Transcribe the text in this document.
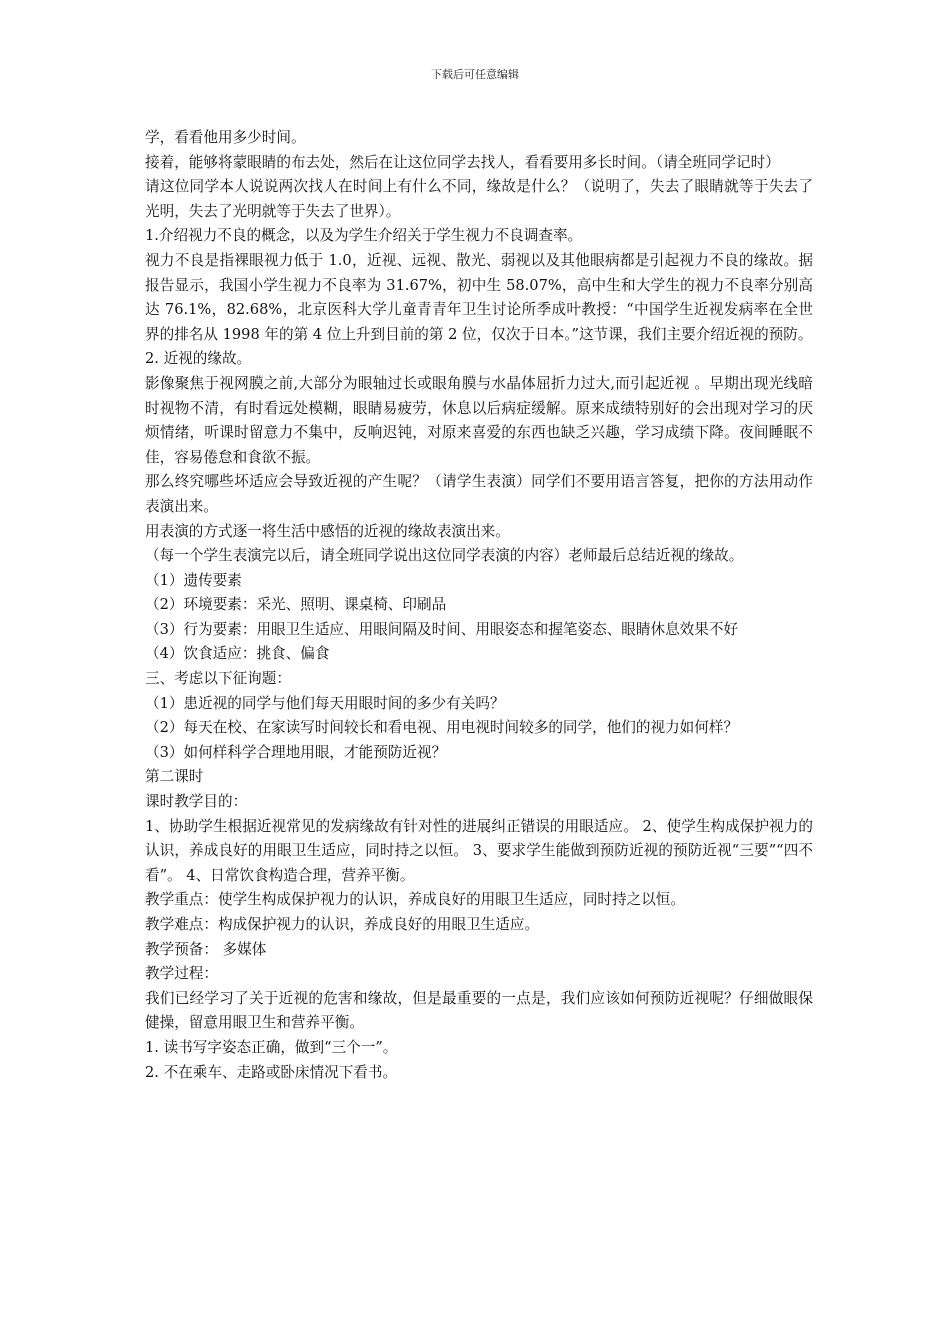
下载后可任意编辑

学，看看他用多少时间。

接着，能够将蒙眼睛的布去处，然后在让这位同学去找人，看看要用多长时间。（请全班同学记时）

请这位同学本人说说两次找人在时间上有什么不同，缘故是什么？（说明了，失去了眼睛就等于失去了光明，失去了光明就等于失去了世界）。

1.介绍视力不良的概念，以及为学生介绍关于学生视力不良调查率。

视力不良是指裸眼视力低于 1.0，近视、远视、散光、弱视以及其他眼病都是引起视力不良的缘故。据报告显示，我国小学生视力不良率为 31.67%，初中生 58.07%，高中生和大学生的视力不良率分别高达 76.1%，82.68%，北京医科大学儿童青青年卫生讨论所季成叶教授：“中国学生近视发病率在全世界的排名从 1998 年的第 4 位上升到目前的第 2 位，仅次于日本。”这节课，我们主要介绍近视的预防。

2. 近视的缘故。

影像聚焦于视网膜之前,大部分为眼轴过长或眼角膜与水晶体屈折力过大,而引起近视 。早期出现光线暗时视物不清，有时看远处模糊，眼睛易疲劳，休息以后病症缓解。原来成绩特别好的会出现对学习的厌烦情绪，听课时留意力不集中，反响迟钝，对原来喜爱的东西也缺乏兴趣，学习成绩下降。夜间睡眠不佳，容易倦怠和食欲不振。

那么终究哪些坏适应会导致近视的产生呢？（请学生表演）同学们不要用语言答复，把你的方法用动作表演出来。

用表演的方式逐一将生活中感悟的近视的缘故表演出来。

（每一个学生表演完以后，请全班同学说出这位同学表演的内容）老师最后总结近视的缘故。

（1）遗传要素

（2）环境要素：采光、照明、课桌椅、印刷品

（3）行为要素：用眼卫生适应、用眼间隔及时间、用眼姿态和握笔姿态、眼睛休息效果不好

（4）饮食适应：挑食、偏食

三、考虑以下征询题：

（1）患近视的同学与他们每天用眼时间的多少有关吗？

（2）每天在校、在家读写时间较长和看电视、用电视时间较多的同学，他们的视力如何样？

（3）如何样科学合理地用眼，才能预防近视？

第二课时

课时教学目的：

1、协助学生根据近视常见的发病缘故有针对性的进展纠正错误的用眼适应。 2、使学生构成保护视力的认识，养成良好的用眼卫生适应，同时持之以恒。 3、要求学生能做到预防近视的预防近视“三要”“四不看”。 4、日常饮食构造合理，营养平衡。

教学重点：使学生构成保护视力的认识，养成良好的用眼卫生适应，同时持之以恒。

教学难点：构成保护视力的认识，养成良好的用眼卫生适应。

教学预备： 多媒体

教学过程：

我们已经学习了关于近视的危害和缘故，但是最重要的一点是，我们应该如何预防近视呢？仔细做眼保健操，留意用眼卫生和营养平衡。

1. 读书写字姿态正确，做到“三个一”。

2. 不在乘车、走路或卧床情况下看书。
